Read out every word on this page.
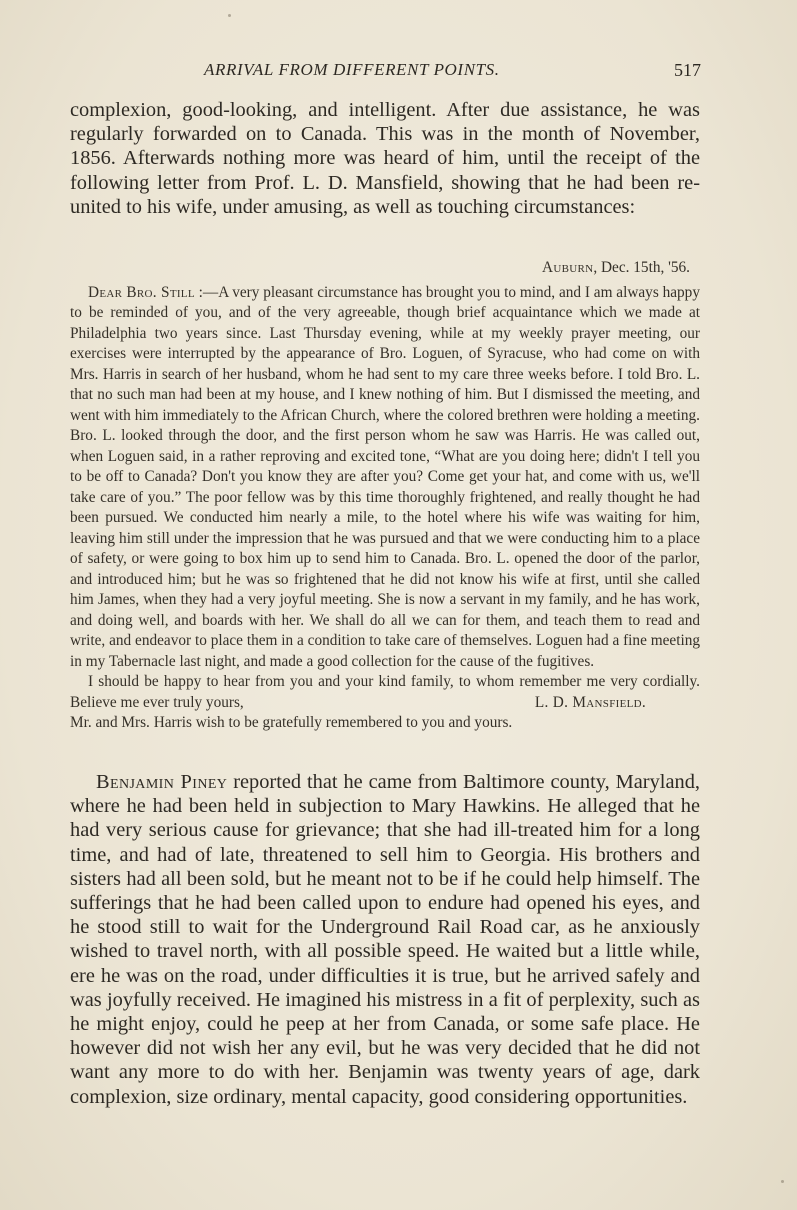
ARRIVAL FROM DIFFERENT POINTS.	517
complexion, good-looking, and intelligent. After due assistance, he was regularly forwarded on to Canada. This was in the month of November, 1856. Afterwards nothing more was heard of him, until the receipt of the following letter from Prof. L. D. Mansfield, showing that he had been re-united to his wife, under amusing, as well as touching circumstances:
Auburn, Dec. 15th, '56.

Dear Bro. Still :—A very pleasant circumstance has brought you to mind, and I am always happy to be reminded of you, and of the very agreeable, though brief acquaintance which we made at Philadelphia two years since. Last Thursday evening, while at my weekly prayer meeting, our exercises were interrupted by the appearance of Bro. Loguen, of Syracuse, who had come on with Mrs. Harris in search of her husband, whom he had sent to my care three weeks before. I told Bro. L. that no such man had been at my house, and I knew nothing of him. But I dismissed the meeting, and went with him immediately to the African Church, where the colored brethren were holding a meeting. Bro. L. looked through the door, and the first person whom he saw was Harris. He was called out, when Loguen said, in a rather reproving and excited tone, “What are you doing here; didn't I tell you to be off to Canada? Don't you know they are after you? Come get your hat, and come with us, we'll take care of you.” The poor fellow was by this time thoroughly frightened, and really thought he had been pursued. We conducted him nearly a mile, to the hotel where his wife was waiting for him, leaving him still under the impression that he was pursued and that we were conducting him to a place of safety, or were going to box him up to send him to Canada. Bro. L. opened the door of the parlor, and introduced him; but he was so frightened that he did not know his wife at first, until she called him James, when they had a very joyful meeting. She is now a servant in my family, and he has work, and doing well, and boards with her. We shall do all we can for them, and teach them to read and write, and endeavor to place them in a condition to take care of themselves. Loguen had a fine meeting in my Tabernacle last night, and made a good collection for the cause of the fugitives.

I should be happy to hear from you and your kind family, to whom remember me very cordially. Believe me ever truly yours,	L. D. Mansfield.

Mr. and Mrs. Harris wish to be gratefully remembered to you and yours.

Benjamin Piney reported that he came from Baltimore county, Maryland, where he had been held in subjection to Mary Hawkins. He alleged that he had very serious cause for grievance; that she had ill-treated him for a long time, and had of late, threatened to sell him to Georgia. His brothers and sisters had all been sold, but he meant not to be if he could help himself. The sufferings that he had been called upon to endure had opened his eyes, and he stood still to wait for the Underground Rail Road car, as he anxiously wished to travel north, with all possible speed. He waited but a little while, ere he was on the road, under difficulties it is true, but he arrived safely and was joyfully received. He imagined his mistress in a fit of perplexity, such as he might enjoy, could he peep at her from Canada, or some safe place. He however did not wish her any evil, but he was very decided that he did not want any more to do with her. Benjamin was twenty years of age, dark complexion, size ordinary, mental capacity, good considering opportunities.
